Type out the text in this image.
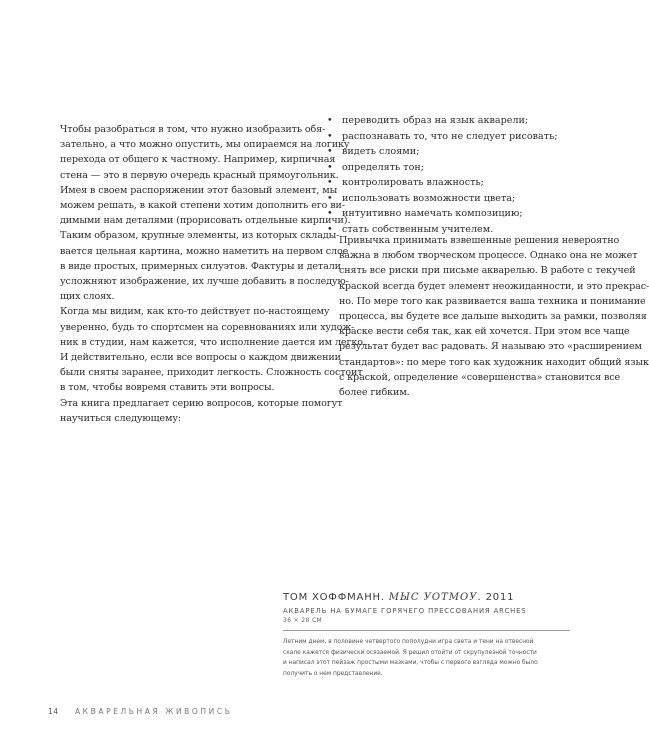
Чтобы разобраться в том, что нужно изобразить обя-
зательно, а что можно опустить, мы опираемся на логику
перехода от общего к частному. Например, кирпичная
стена — это в первую очередь красный прямоугольник.
Имея в своем распоряжении этот базовый элемент, мы
можем решать, в какой степени хотим дополнить его ви-
димыми нам деталями (прорисовать отдельные кирпичи).
Таким образом, крупные элементы, из которых склады-
вается цельная картина, можно наметить на первом слое
в виде простых, примерных силуэтов. Фактуры и детали
усложняют изображение, их лучше добавить в последую-
щих слоях.

Когда мы видим, как кто-то действует по-настоящему
уверенно, будь то спортсмен на соревнованиях или худож-
ник в студии, нам кажется, что исполнение дается им легко.
И действительно, если все вопросы о каждом движении
были сняты заранее, приходит легкость. Сложность состоит
в том, чтобы вовремя ставить эти вопросы.

Эта книга предлагает серию вопросов, которые помогут
научиться следующему:

• переводить образ на язык акварели;
• распознавать то, что не следует рисовать;
• видеть слоями;
• определять тон;
• контролировать влажность;
• использовать возможности цвета;
• интуитивно намечать композицию;
• стать собственным учителем.

Привычка принимать взвешенные решения невероятно
важна в любом творческом процессе. Однако она не может
снять все риски при письме акварелью. В работе с текучей
краской всегда будет элемент неожиданности, и это прекрас-
но. По мере того как развивается ваша техника и понимание
процесса, вы будете все дальше выходить за рамки, позволяя
краске вести себя так, как ей хочется. При этом все чаще
результат будет вас радовать. Я называю это «расширением
стандартов»: по мере того как художник находит общий язык
с краской, определение «совершенства» становится все
более гибким.

ТОМ ХОФФМАНН. МЫС УОТМОУ. 2011
АКВАРЕЛЬ НА БУМАГЕ ГОРЯЧЕГО ПРЕССОВАНИЯ ARCHES
36 × 28 СМ
Летним днем, в половине четвертого пополудни игра света и тени на отвесной
скале кажется физически осязаемой. Я решил отойти от скрупулезной точности
и написал этот пейзаж простыми мазками, чтобы с первого взгляда можно было
получить о нем представление.
14 АКВАРЕЛЬНАЯ ЖИВОПИСЬ
